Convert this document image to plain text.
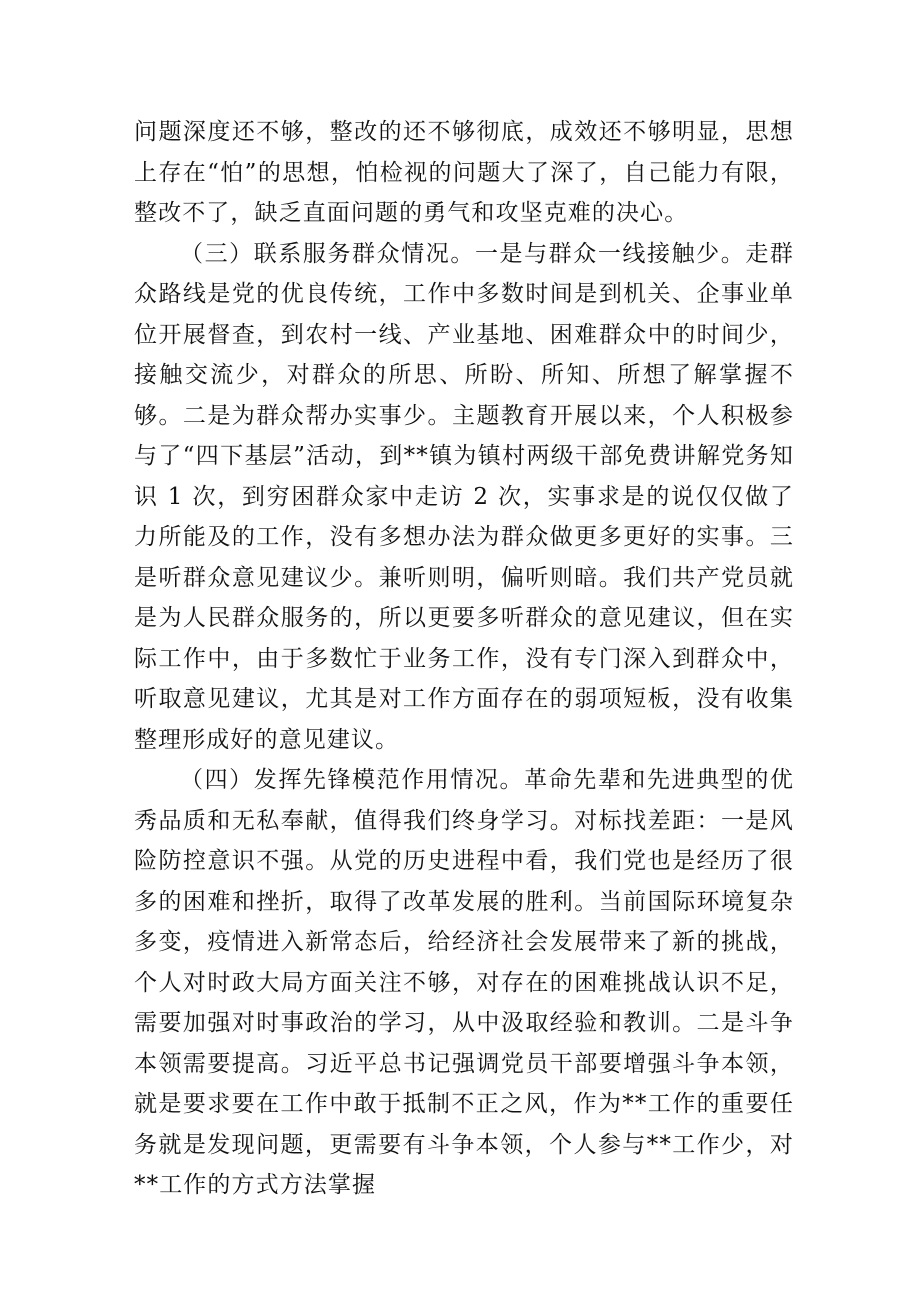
问题深度还不够，整改的还不够彻底，成效还不够明显，思想上存在“怕”的思想，怕检视的问题大了深了，自己能力有限，整改不了，缺乏直面问题的勇气和攻坚克难的决心。

（三）联系服务群众情况。一是与群众一线接触少。走群众路线是党的优良传统，工作中多数时间是到机关、企事业单位开展督查，到农村一线、产业基地、困难群众中的时间少，接触交流少，对群众的所思、所盼、所知、所想了解掌握不够。二是为群众帮办实事少。主题教育开展以来，个人积极参与了“四下基层”活动，到**镇为镇村两级干部免费讲解党务知识 1 次，到穷困群众家中走访 2 次，实事求是的说仅仅做了力所能及的工作，没有多想办法为群众做更多更好的实事。三是听群众意见建议少。兼听则明，偏听则暗。我们共产党员就是为人民群众服务的，所以更要多听群众的意见建议，但在实际工作中，由于多数忙于业务工作，没有专门深入到群众中，听取意见建议，尤其是对工作方面存在的弱项短板，没有收集整理形成好的意见建议。

（四）发挥先锋模范作用情况。革命先辈和先进典型的优秀品质和无私奉献，值得我们终身学习。对标找差距：一是风险防控意识不强。从党的历史进程中看，我们党也是经历了很多的困难和挫折，取得了改革发展的胜利。当前国际环境复杂多变，疫情进入新常态后，给经济社会发展带来了新的挑战，个人对时政大局方面关注不够，对存在的困难挑战认识不足，需要加强对时事政治的学习，从中汲取经验和教训。二是斗争本领需要提高。习近平总书记强调党员干部要增强斗争本领，就是要求要在工作中敢于抵制不正之风，作为**工作的重要任务就是发现问题，更需要有斗争本领，个人参与**工作少，对**工作的方式方法掌握
